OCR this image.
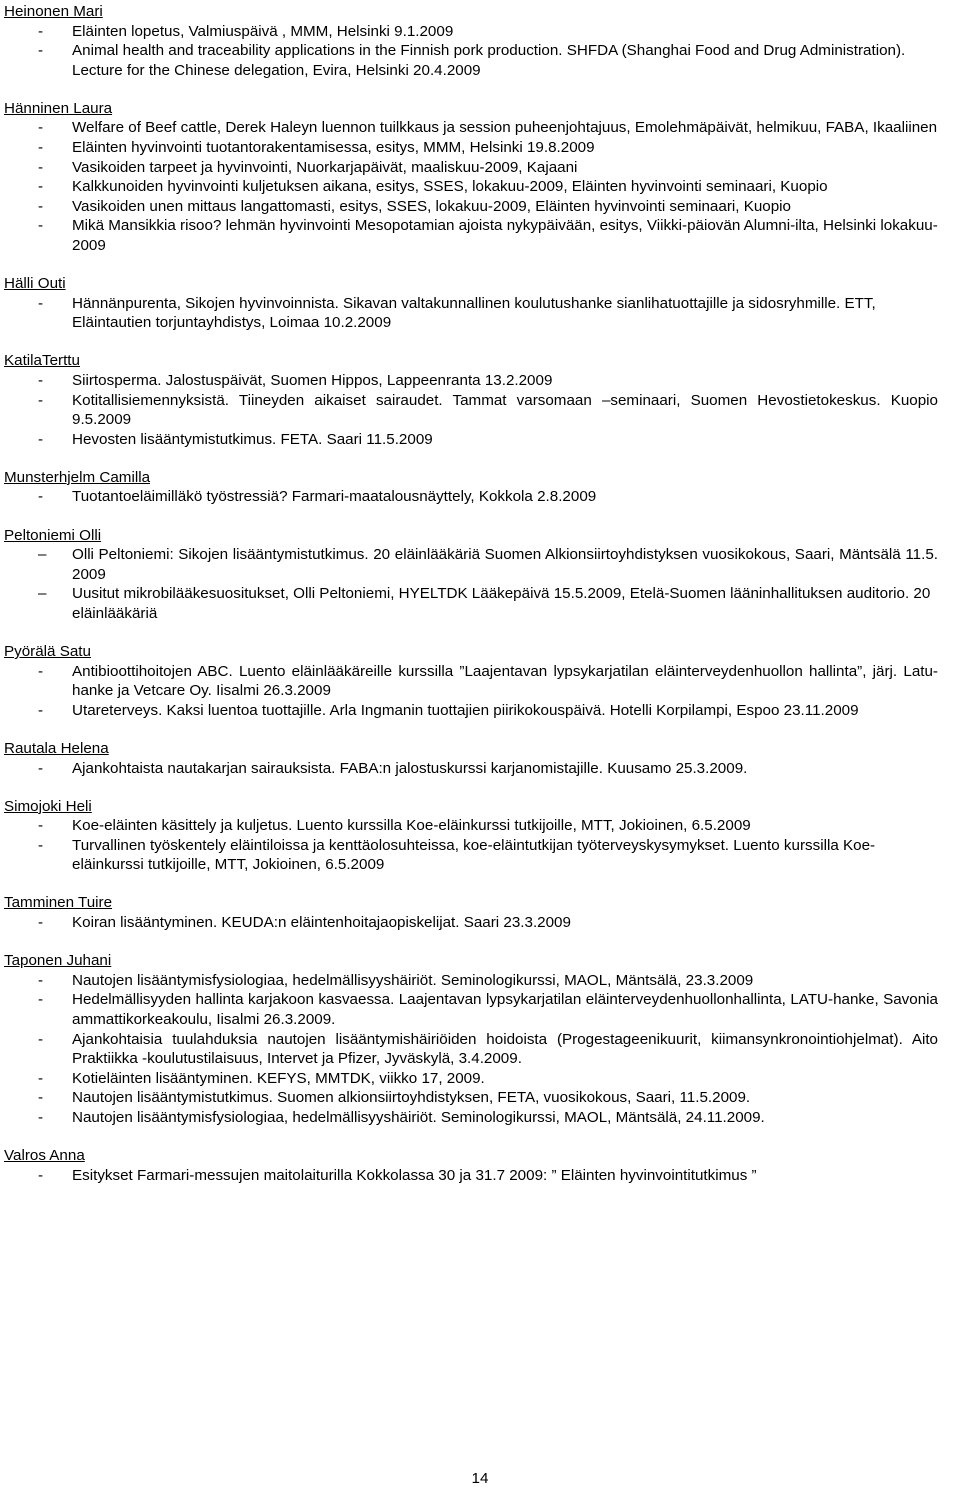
Heinonen Mari
- Eläinten lopetus, Valmiuspäivä , MMM, Helsinki 9.1.2009
- Animal health and traceability applications in the Finnish pork production. SHFDA (Shanghai Food and Drug Administration). Lecture for the Chinese delegation, Evira, Helsinki 20.4.2009
Hänninen Laura
- Welfare of Beef cattle, Derek Haleyn luennon tuilkkaus ja session puheenjohtajuus, Emolehmäpäivät, helmikuu, FABA, Ikaaliinen
- Eläinten hyvinvointi tuotantorakentamisessa, esitys, MMM, Helsinki 19.8.2009
- Vasikoiden tarpeet ja hyvinvointi, Nuorkarjapäivät, maaliskuu-2009, Kajaani
- Kalkkunoiden hyvinvointi kuljetuksen aikana, esitys, SSES, lokakuu-2009, Eläinten hyvinvointi seminaari, Kuopio
- Vasikoiden unen mittaus langattomasti, esitys, SSES, lokakuu-2009, Eläinten hyvinvointi seminaari, Kuopio
- Mikä Mansikkia risoo? lehmän hyvinvointi Mesopotamian ajoista nykypäivään, esitys, Viikki-päiovän Alumni-ilta, Helsinki lokakuu-2009
Hälli Outi
- Hännänpurenta, Sikojen hyvinvoinnista. Sikavan valtakunnallinen koulutushanke sianlihatuottajille ja sidosryhmille. ETT, Eläintautien torjuntayhdistys, Loimaa 10.2.2009
KatilaTerttu
- Siirtosperma. Jalostuspäivät, Suomen Hippos, Lappeenranta 13.2.2009
- Kotitallisiemennyksistä. Tiineyden aikaiset sairaudet. Tammat varsomaan –seminaari, Suomen Hevostietokeskus. Kuopio 9.5.2009
- Hevosten lisääntymistutkimus. FETA. Saari 11.5.2009
Munsterhjelm Camilla
- Tuotantoeläimilläkö työstressiä? Farmari-maatalousnäyttely, Kokkola 2.8.2009
Peltoniemi Olli
– Olli Peltoniemi: Sikojen lisääntymistutkimus. 20 eläinlääkäriä Suomen Alkionsiirtoyhdistyksen vuosikokous, Saari, Mäntsälä 11.5. 2009
– Uusitut mikrobilääkesuositukset, Olli Peltoniemi, HYELTDK Lääkepäivä 15.5.2009, Etelä-Suomen lääninhallituksen auditorio. 20 eläinlääkäriä
Pyörälä Satu
- Antibioottihoitojen ABC. Luento eläinlääkäreille kurssilla ”Laajentavan lypsykarjatilan eläinterveydenhuollon hallinta”, järj. Latu-hanke ja Vetcare Oy. Iisalmi 26.3.2009
- Utareterveys. Kaksi luentoa tuottajille. Arla Ingmanin tuottajien piirikokouspäivä. Hotelli Korpilampi, Espoo 23.11.2009
Rautala Helena
- Ajankohtaista nautakarjan sairauksista. FABA:n jalostuskurssi karjanomistajille. Kuusamo 25.3.2009.
Simojoki Heli
- Koe-eläinten käsittely ja kuljetus. Luento kurssilla Koe-eläinkurssi tutkijoille, MTT, Jokioinen, 6.5.2009
- Turvallinen työskentely eläintiloissa ja kenttäolosuhteissa, koe-eläintutkijan työterveyskysymykset. Luento kurssilla Koe-eläinkurssi tutkijoille, MTT, Jokioinen, 6.5.2009
Tamminen Tuire
- Koiran lisääntyminen. KEUDA:n eläintenhoitajaopiskelijat. Saari 23.3.2009
Taponen Juhani
- Nautojen lisääntymisfysiologiaa, hedelmällisyyshäiriöt. Seminologikurssi, MAOL, Mäntsälä, 23.3.2009
- Hedelmällisyyden hallinta karjakoon kasvaessa. Laajentavan lypsykarjatilan eläinterveydenhuollonhallinta, LATU-hanke, Savonia ammattikorkeakoulu, Iisalmi 26.3.2009.
- Ajankohtaisia tuulahduksia nautojen lisääntymishäiriöiden hoidoista (Progestageenikuurit, kiimansynkronointiohjelmat). Aito Praktiikka -koulutustilaisuus, Intervet ja Pfizer, Jyväskylä, 3.4.2009.
- Kotieläinten lisääntyminen. KEFYS, MMTDK, viikko 17, 2009.
- Nautojen lisääntymistutkimus. Suomen alkionsiirtoyhdistyksen, FETA, vuosikokous, Saari, 11.5.2009.
- Nautojen lisääntymisfysiologiaa, hedelmällisyyshäiriöt. Seminologikurssi, MAOL, Mäntsälä, 24.11.2009.
Valros Anna
- Esitykset Farmari-messujen maitolaiturilla Kokkolassa 30 ja 31.7 2009: ” Eläinten hyvinvointitutkimus ”
14
